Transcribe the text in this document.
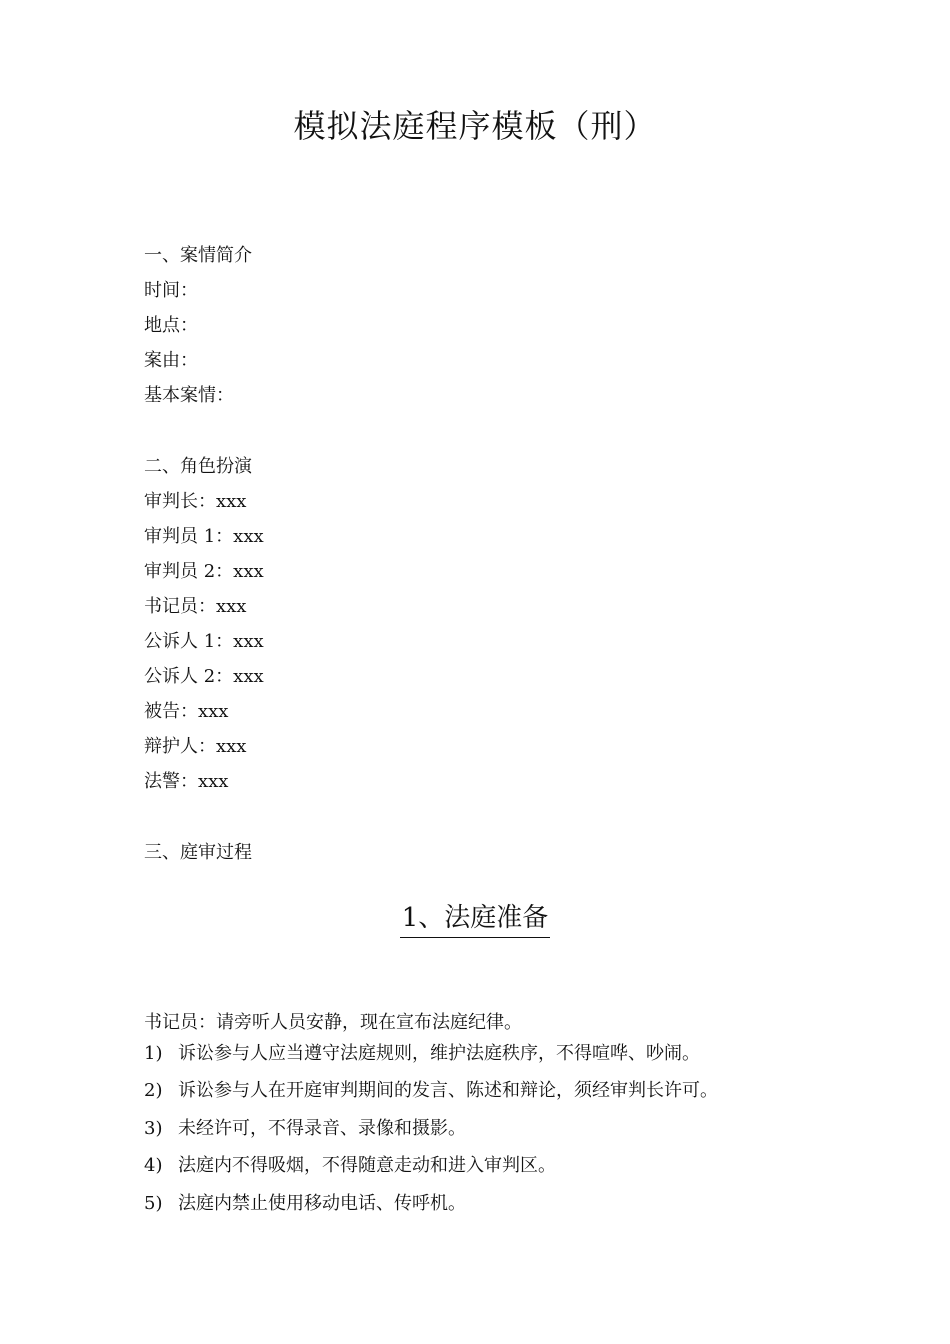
模拟法庭程序模板（刑）
一、案情简介
时间：
地点：
案由：
基本案情：
二、角色扮演
审判长：xxx
审判员 1：xxx
审判员 2：xxx
书记员：xxx
公诉人 1：xxx
公诉人 2：xxx
被告：xxx
辩护人：xxx
法警：xxx
三、庭审过程
1、法庭准备
书记员：请旁听人员安静，现在宣布法庭纪律。
1) 诉讼参与人应当遵守法庭规则，维护法庭秩序，不得喧哗、吵闹。
2) 诉讼参与人在开庭审判期间的发言、陈述和辩论，须经审判长许可。
3) 未经许可，不得录音、录像和摄影。
4) 法庭内不得吸烟，不得随意走动和进入审判区。
5) 法庭内禁止使用移动电话、传呼机。
